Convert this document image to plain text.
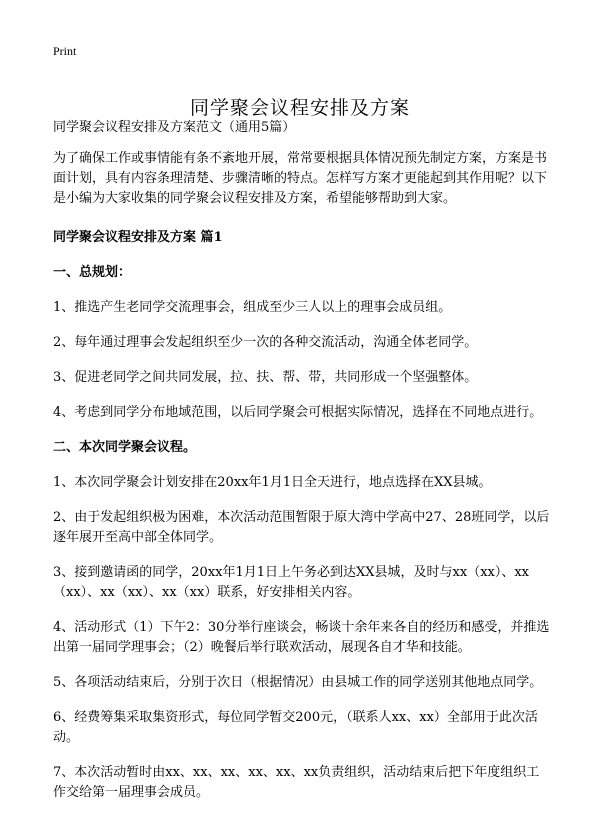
Print
同学聚会议程安排及方案

同学聚会议程安排及方案范文（通用5篇）

为了确保工作或事情能有条不紊地开展，常常要根据具体情况预先制定方案，方案是书面计划，具有内容条理清楚、步骤清晰的特点。怎样写方案才更能起到其作用呢？以下是小编为大家收集的同学聚会议程安排及方案，希望能够帮助到大家。

同学聚会议程安排及方案 篇1

一、总规划：

1、推选产生老同学交流理事会，组成至少三人以上的理事会成员组。

2、每年通过理事会发起组织至少一次的各种交流活动，沟通全体老同学。

3、促进老同学之间共同发展，拉、扶、帮、带，共同形成一个坚强整体。

4、考虑到同学分布地域范围，以后同学聚会可根据实际情况，选择在不同地点进行。

二、本次同学聚会议程。

1、本次同学聚会计划安排在20xx年1月1日全天进行，地点选择在XX县城。

2、由于发起组织极为困难，本次活动范围暂限于原大湾中学高中27、28班同学，以后逐年展开至高中部全体同学。

3、接到邀请函的同学，20xx年1月1日上午务必到达XX县城，及时与xx（xx）、xx（xx）、xx（xx）、xx（xx）联系，好安排相关内容。

4、活动形式（1）下午2：30分举行座谈会，畅谈十余年来各自的经历和感受，并推选出第一届同学理事会；（2）晚餐后举行联欢活动，展现各自才华和技能。

5、各项活动结束后，分别于次日（根据情况）由县城工作的同学送别其他地点同学。

6、经费筹集采取集资形式，每位同学暂交200元，（联系人xx、xx）全部用于此次活动。

7、本次活动暂时由xx、xx、xx、xx、xx、xx负责组织，活动结束后把下年度组织工作交给第一届理事会成员。
